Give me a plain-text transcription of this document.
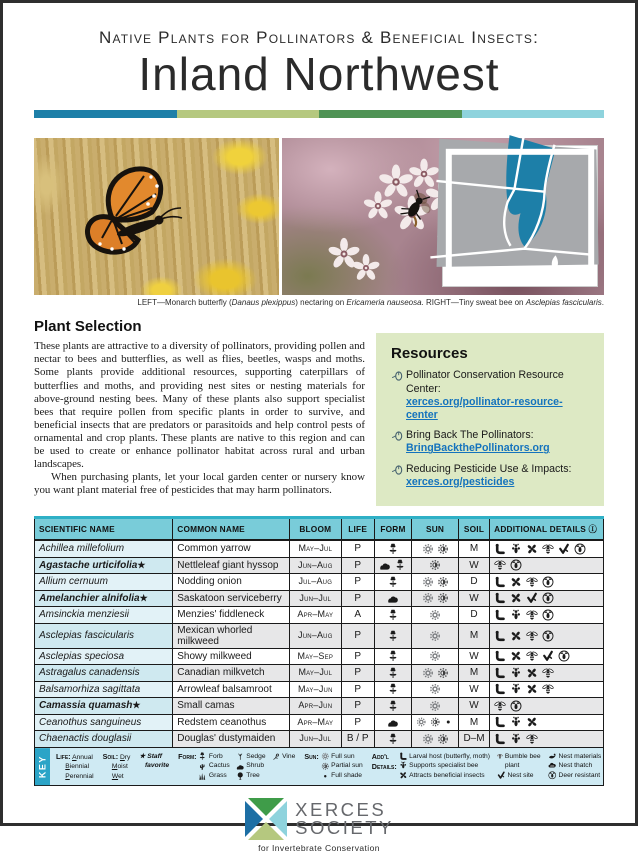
Native Plants for Pollinators & Beneficial Insects:
Inland Northwest
LEFT—Monarch butterfly (Danaus plexippus) nectaring on Ericameria nauseosa. RIGHT—Tiny sweat bee on Asclepias fascicularis.
Plant Selection
These plants are attractive to a diversity of pollinators, providing pollen and nectar to bees and butterflies, as well as flies, beetles, wasps and moths. Some plants provide additional resources, supporting caterpillars of butterflies and moths, and providing nest sites or nesting materials for above-ground nesting bees. Many of these plants also support specialist bees that require pollen from specific plants in order to survive, and beneficial insects that are predators or parasitoids and help control pests of ornamental and crop plants. These plants are native to this region and can be used to create or enhance pollinator habitat across rural and urban landscapes.
When purchasing plants, let your local garden center or nursery know you want plant material free of pesticides that may harm pollinators.
Resources
Pollinator Conservation Resource Center:
xerces.org/pollinator-resource-center
Bring Back The Pollinators:
BringBackthePollinators.org
Reducing Pesticide Use & Impacts:
xerces.org/pesticides
SCIENTIFIC NAME	COMMON NAME	BLOOM	LIFE	FORM	SUN	SOIL	ADDITIONAL DETAILS Ⓘ
Achillea millefolium	Common yarrow	May–Jul	P			M	

Agastache urticifolia★	Nettleleaf giant hyssop	Jun–Aug	P			W	

Allium cernuum	Nodding onion	Jul–Aug	P			D	

Amelanchier alnifolia★	Saskatoon serviceberry	Jun–Jul	P			W	

Amsinckia menziesii	Menzies' fiddleneck	Apr–May	A			D	

Asclepias fascicularis	Mexican whorled milkweed	Jun–Aug	P			M	

Asclepias speciosa	Showy milkweed	May–Sep	P			W	

Astragalus canadensis	Canadian milkvetch	May–Jul	P			M	

Balsamorhiza sagittata	Arrowleaf balsamroot	May–Jun	P			W	

Camassia quamash★	Small camas	Apr–Jun	P			W	

Ceanothus sanguineus	Redstem ceanothus	Apr–May	P			M	

Chaenactis douglasii	Douglas' dustymaiden	Jun–Jul	B / P			D–M	
KEY	Life: Annual
Biennial
Perennial
Soil: Dry
Moist
Wet
★ Staff
favorite
Form: Forb
Cactus
Grass
Sedge
Shrub
Tree
Vine Sun: Full sun
Partial sun
Full shade
Add'l
Details:
Larval host (butterfly, moth)
Supports specialist bee
Attracts beneficial insects
Bumble bee plant
Nest site
Nest materials
Nest thatch
Deer resistant
XERCES
SOCIETY
for Invertebrate Conservation
